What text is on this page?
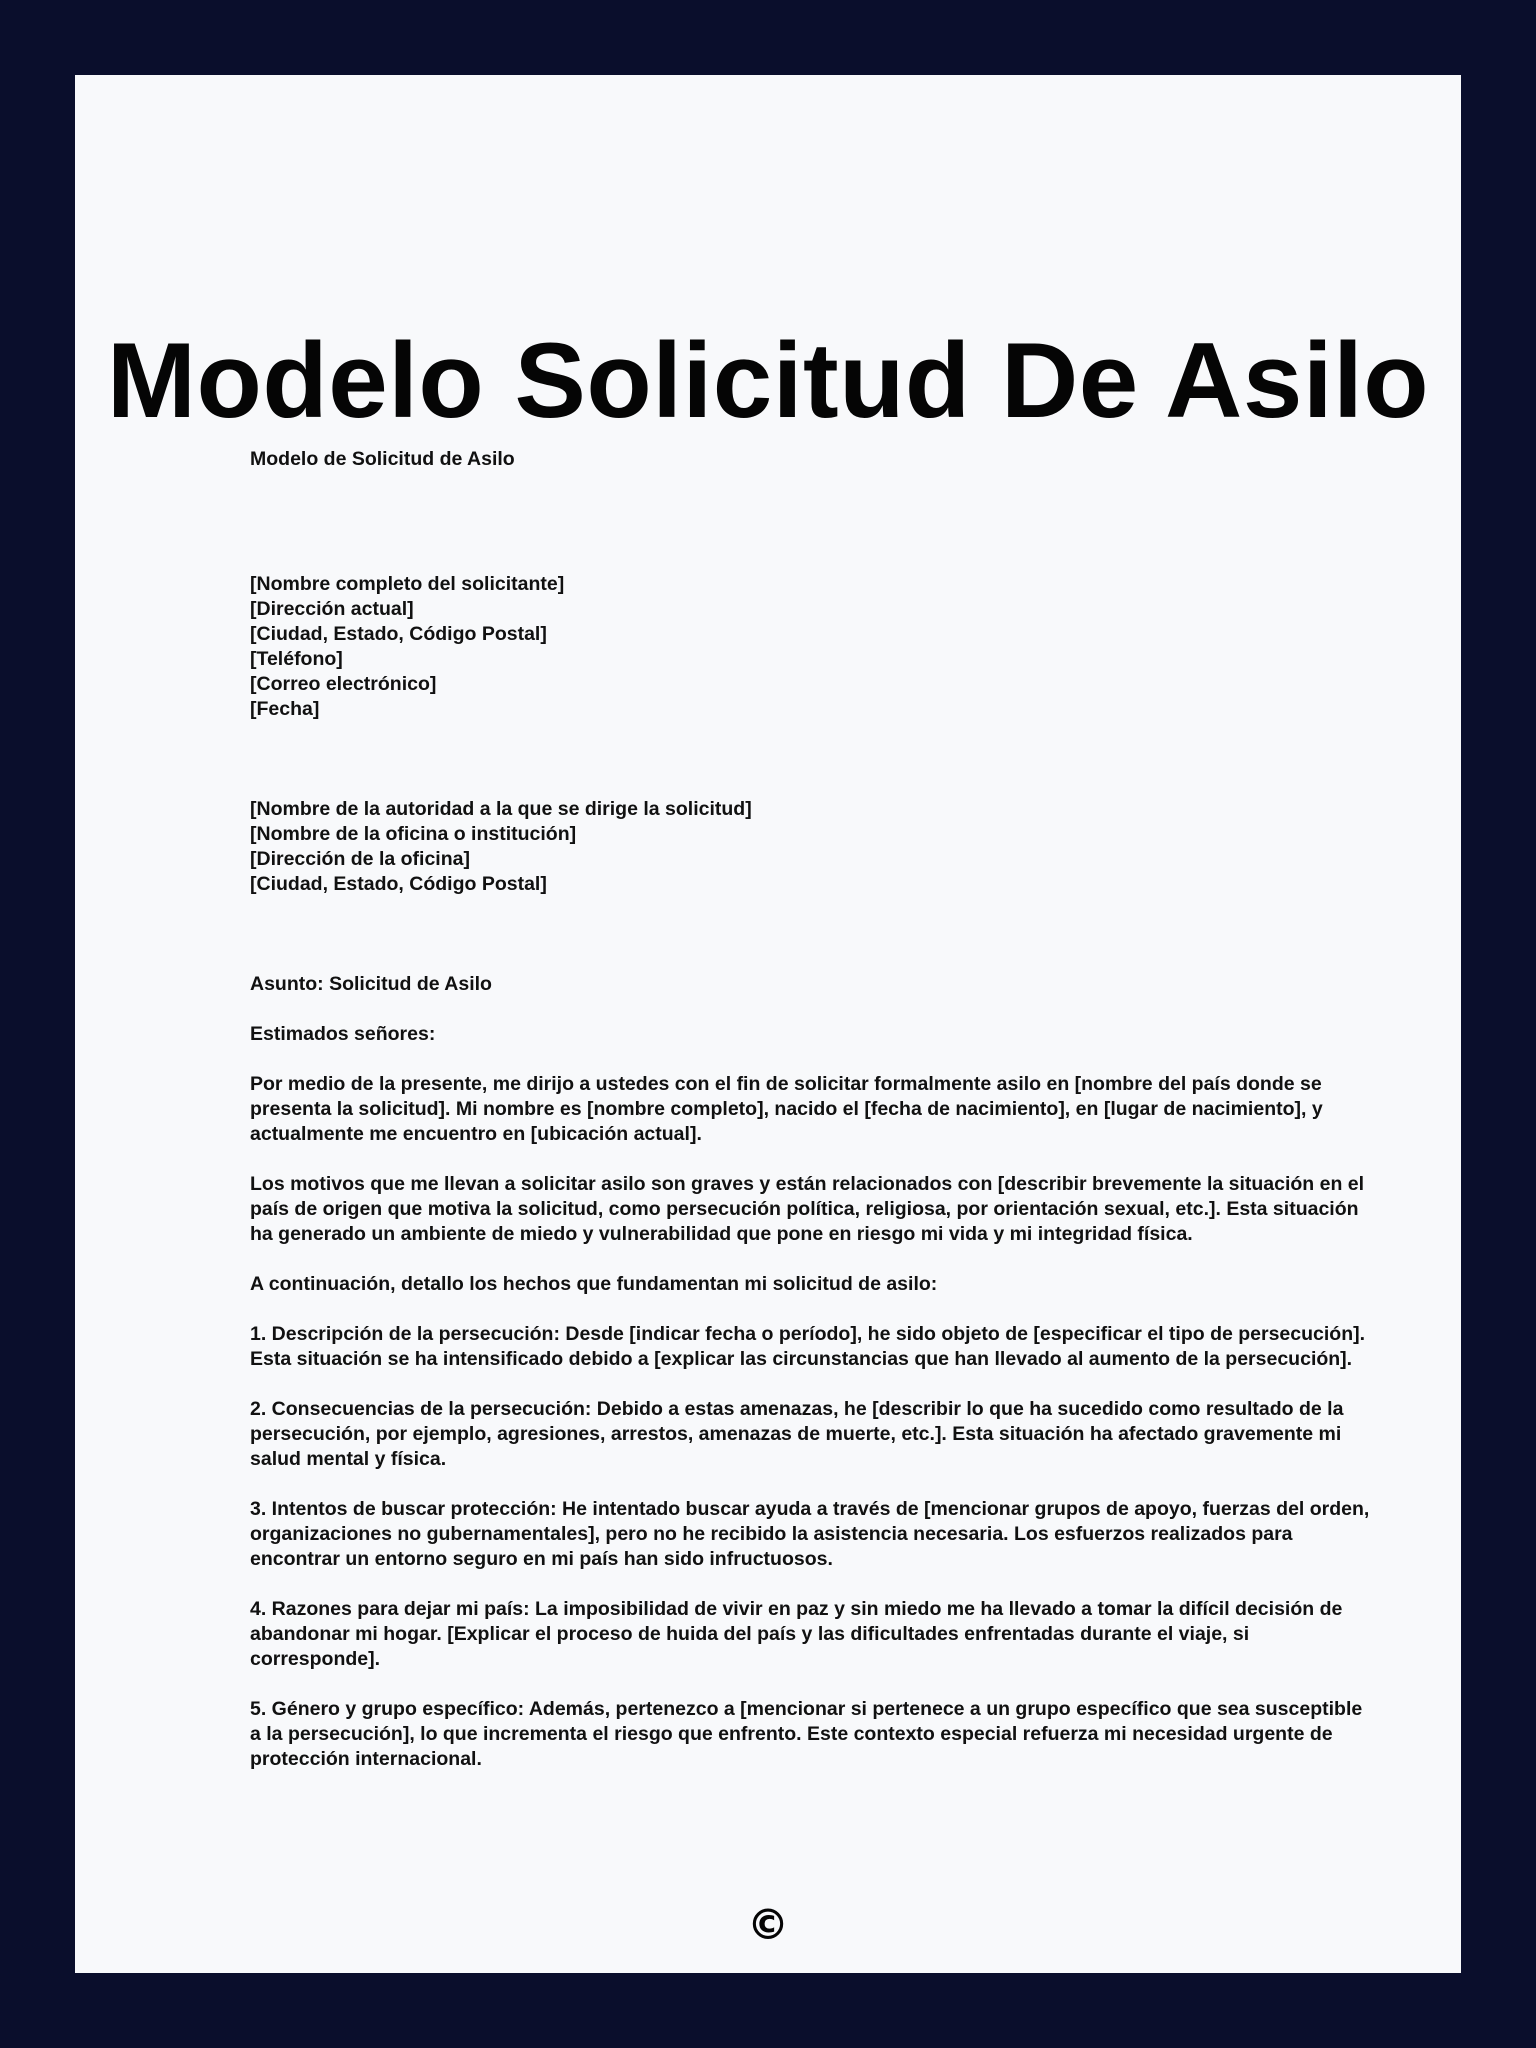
Modelo Solicitud De Asilo

Modelo de Solicitud de Asilo

[Nombre completo del solicitante]

[Dirección actual]

[Ciudad, Estado, Código Postal]

[Teléfono]

[Correo electrónico]

[Fecha]

[Nombre de la autoridad a la que se dirige la solicitud]

[Nombre de la oficina o institución]

[Dirección de la oficina]

[Ciudad, Estado, Código Postal]

Asunto: Solicitud de Asilo

Estimados señores:

Por medio de la presente, me dirijo a ustedes con el fin de solicitar formalmente asilo en [nombre del país donde se presenta la solicitud]. Mi nombre es [nombre completo], nacido el [fecha de nacimiento], en [lugar de nacimiento], y actualmente me encuentro en [ubicación actual].

Los motivos que me llevan a solicitar asilo son graves y están relacionados con [describir brevemente la situación en el país de origen que motiva la solicitud, como persecución política, religiosa, por orientación sexual, etc.]. Esta situación ha generado un ambiente de miedo y vulnerabilidad que pone en riesgo mi vida y mi integridad física.

A continuación, detallo los hechos que fundamentan mi solicitud de asilo:

1. Descripción de la persecución: Desde [indicar fecha o período], he sido objeto de [especificar el tipo de persecución]. Esta situación se ha intensificado debido a [explicar las circunstancias que han llevado al aumento de la persecución].

2. Consecuencias de la persecución: Debido a estas amenazas, he [describir lo que ha sucedido como resultado de la persecución, por ejemplo, agresiones, arrestos, amenazas de muerte, etc.]. Esta situación ha afectado gravemente mi salud mental y física.

3. Intentos de buscar protección: He intentado buscar ayuda a través de [mencionar grupos de apoyo, fuerzas del orden, organizaciones no gubernamentales], pero no he recibido la asistencia necesaria. Los esfuerzos realizados para encontrar un entorno seguro en mi país han sido infructuosos.

4. Razones para dejar mi país: La imposibilidad de vivir en paz y sin miedo me ha llevado a tomar la difícil decisión de abandonar mi hogar. [Explicar el proceso de huida del país y las dificultades enfrentadas durante el viaje, si corresponde].

5. Género y grupo específico: Además, pertenezco a [mencionar si pertenece a un grupo específico que sea susceptible a la persecución], lo que incrementa el riesgo que enfrento. Este contexto especial refuerza mi necesidad urgente de protección internacional.

©
